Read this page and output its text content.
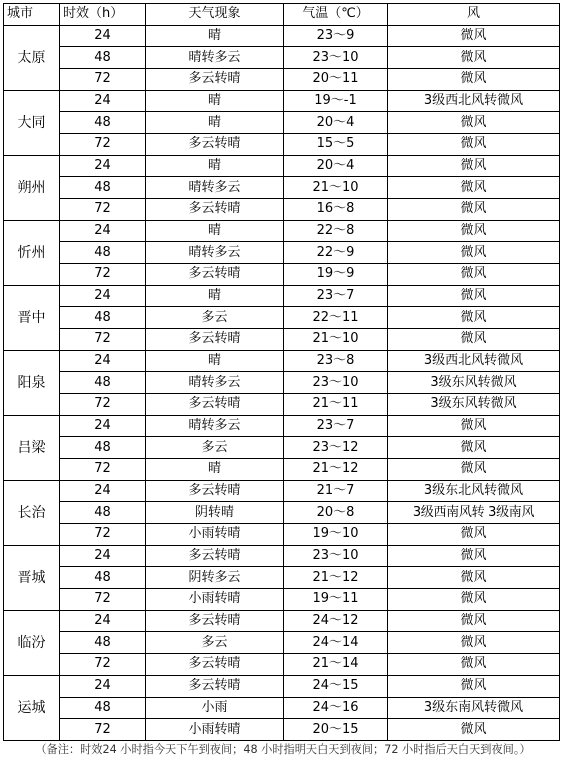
城市	时效（h）	天气现象	气温（℃）	风
太原	24	晴	23～9	微风
	48	晴转多云	23～10	微风
	72	多云转晴	20～11	微风
大同	24	晴	19～-1	3级西北风转微风
	48	晴	20～4	微风
	72	多云转晴	15～5	微风
朔州	24	晴	20～4	微风
	48	晴转多云	21～10	微风
	72	多云转晴	16～8	微风
忻州	24	晴	22～8	微风
	48	晴转多云	22～9	微风
	72	多云转晴	19～9	微风
晋中	24	晴	23～7	微风
	48	多云	22～11	微风
	72	多云转晴	21～10	微风
阳泉	24	晴	23～8	3级西北风转微风
	48	晴转多云	23～10	3级东风转微风
	72	多云转晴	21～11	3级东风转微风
吕梁	24	晴转多云	23～7	微风
	48	多云	23～12	微风
	72	晴	21～12	微风
长治	24	多云转晴	21～7	3级东北风转微风
	48	阴转晴	20～8	3级西南风转 3级南风
	72	小雨转晴	19～10	微风
晋城	24	多云转晴	23～10	微风
	48	阴转多云	21～12	微风
	72	小雨转晴	19～11	微风
临汾	24	多云转晴	24～12	微风
	48	多云	24～14	微风
	72	多云转晴	21～14	微风
运城	24	多云转晴	24～15	微风
	48	小雨	24～16	3级东南风转微风
	72	小雨转晴	20～15	微风
（备注：时效24 小时指今天下午到夜间；48 小时指明天白天到夜间；72 小时指后天白天到夜间。）
